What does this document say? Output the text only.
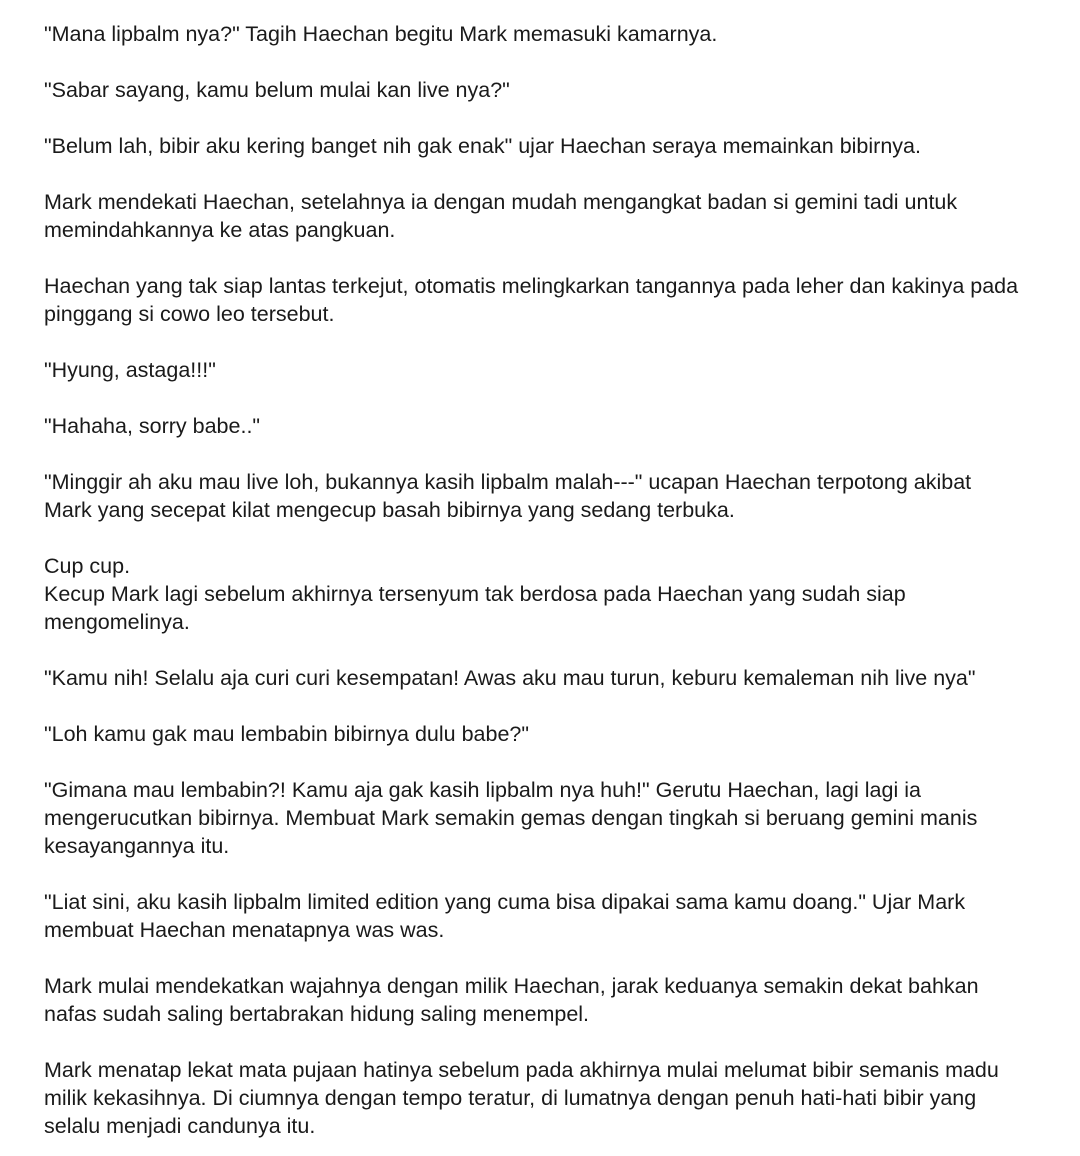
"Mana lipbalm nya?" Tagih Haechan begitu Mark memasuki kamarnya.

"Sabar sayang, kamu belum mulai kan live nya?"

"Belum lah, bibir aku kering banget nih gak enak" ujar Haechan seraya memainkan bibirnya.

Mark mendekati Haechan, setelahnya ia dengan mudah mengangkat badan si gemini tadi untuk
memindahkannya ke atas pangkuan.

Haechan yang tak siap lantas terkejut, otomatis melingkarkan tangannya pada leher dan kakinya pada
pinggang si cowo leo tersebut.

"Hyung, astaga!!!"

"Hahaha, sorry babe.."

"Minggir ah aku mau live loh, bukannya kasih lipbalm malah---" ucapan Haechan terpotong akibat
Mark yang secepat kilat mengecup basah bibirnya yang sedang terbuka.

Cup cup.
Kecup Mark lagi sebelum akhirnya tersenyum tak berdosa pada Haechan yang sudah siap
mengomelinya.

"Kamu nih! Selalu aja curi curi kesempatan! Awas aku mau turun, keburu kemaleman nih live nya"

"Loh kamu gak mau lembabin bibirnya dulu babe?"

"Gimana mau lembabin?! Kamu aja gak kasih lipbalm nya huh!" Gerutu Haechan, lagi lagi ia
mengerucutkan bibirnya. Membuat Mark semakin gemas dengan tingkah si beruang gemini manis
kesayangannya itu.

"Liat sini, aku kasih lipbalm limited edition yang cuma bisa dipakai sama kamu doang." Ujar Mark
membuat Haechan menatapnya was was.

Mark mulai mendekatkan wajahnya dengan milik Haechan, jarak keduanya semakin dekat bahkan
nafas sudah saling bertabrakan hidung saling menempel.

Mark menatap lekat mata pujaan hatinya sebelum pada akhirnya mulai melumat bibir semanis madu
milik kekasihnya. Di ciumnya dengan tempo teratur, di lumatnya dengan penuh hati-hati bibir yang
selalu menjadi candunya itu.
